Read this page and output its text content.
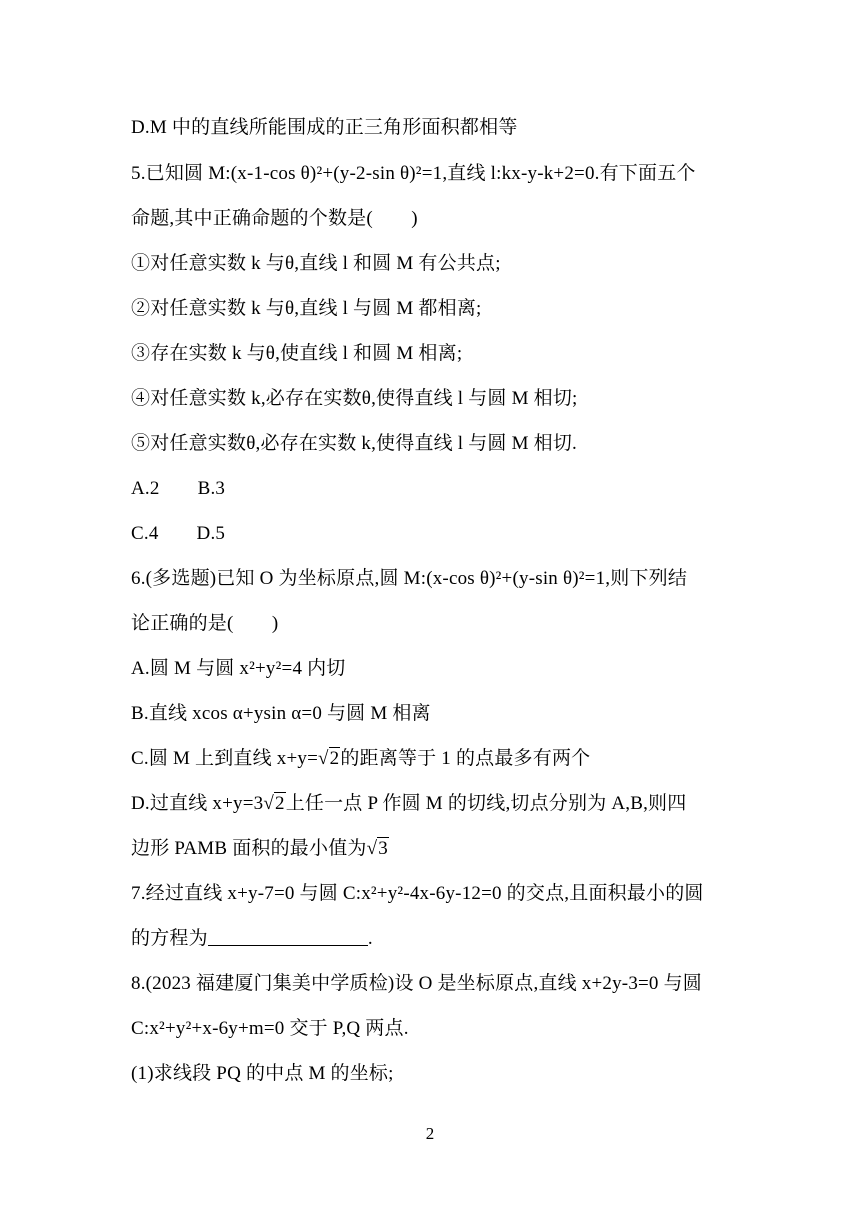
D.M 中的直线所能围成的正三角形面积都相等
5.已知圆 M:(x-1-cos θ)²+(y-2-sin θ)²=1,直线 l:kx-y-k+2=0.有下面五个
命题,其中正确命题的个数是(　　)
①对任意实数 k 与θ,直线 l 和圆 M 有公共点;
②对任意实数 k 与θ,直线 l 与圆 M 都相离;
③存在实数 k 与θ,使直线 l 和圆 M 相离;
④对任意实数 k,必存在实数θ,使得直线 l 与圆 M 相切;
⑤对任意实数θ,必存在实数 k,使得直线 l 与圆 M 相切.
A.2 B.3
C.4 D.5
6.(多选题)已知 O 为坐标原点,圆 M:(x-cos θ)²+(y-sin θ)²=1,则下列结
论正确的是(　　)
A.圆 M 与圆 x²+y²=4 内切
B.直线 xcos α+ysin α=0 与圆 M 相离
C.圆 M 上到直线 x+y=√2的距离等于 1 的点最多有两个
D.过直线 x+y=3√2上任一点 P 作圆 M 的切线,切点分别为 A,B,则四
边形 PAMB 面积的最小值为√3
7.经过直线 x+y-7=0 与圆 C:x²+y²-4x-6y-12=0 的交点,且面积最小的圆
的方程为	.
8.(2023 福建厦门集美中学质检)设 O 是坐标原点,直线 x+2y-3=0 与圆
C:x²+y²+x-6y+m=0 交于 P,Q 两点.
(1)求线段 PQ 的中点 M 的坐标;
2
